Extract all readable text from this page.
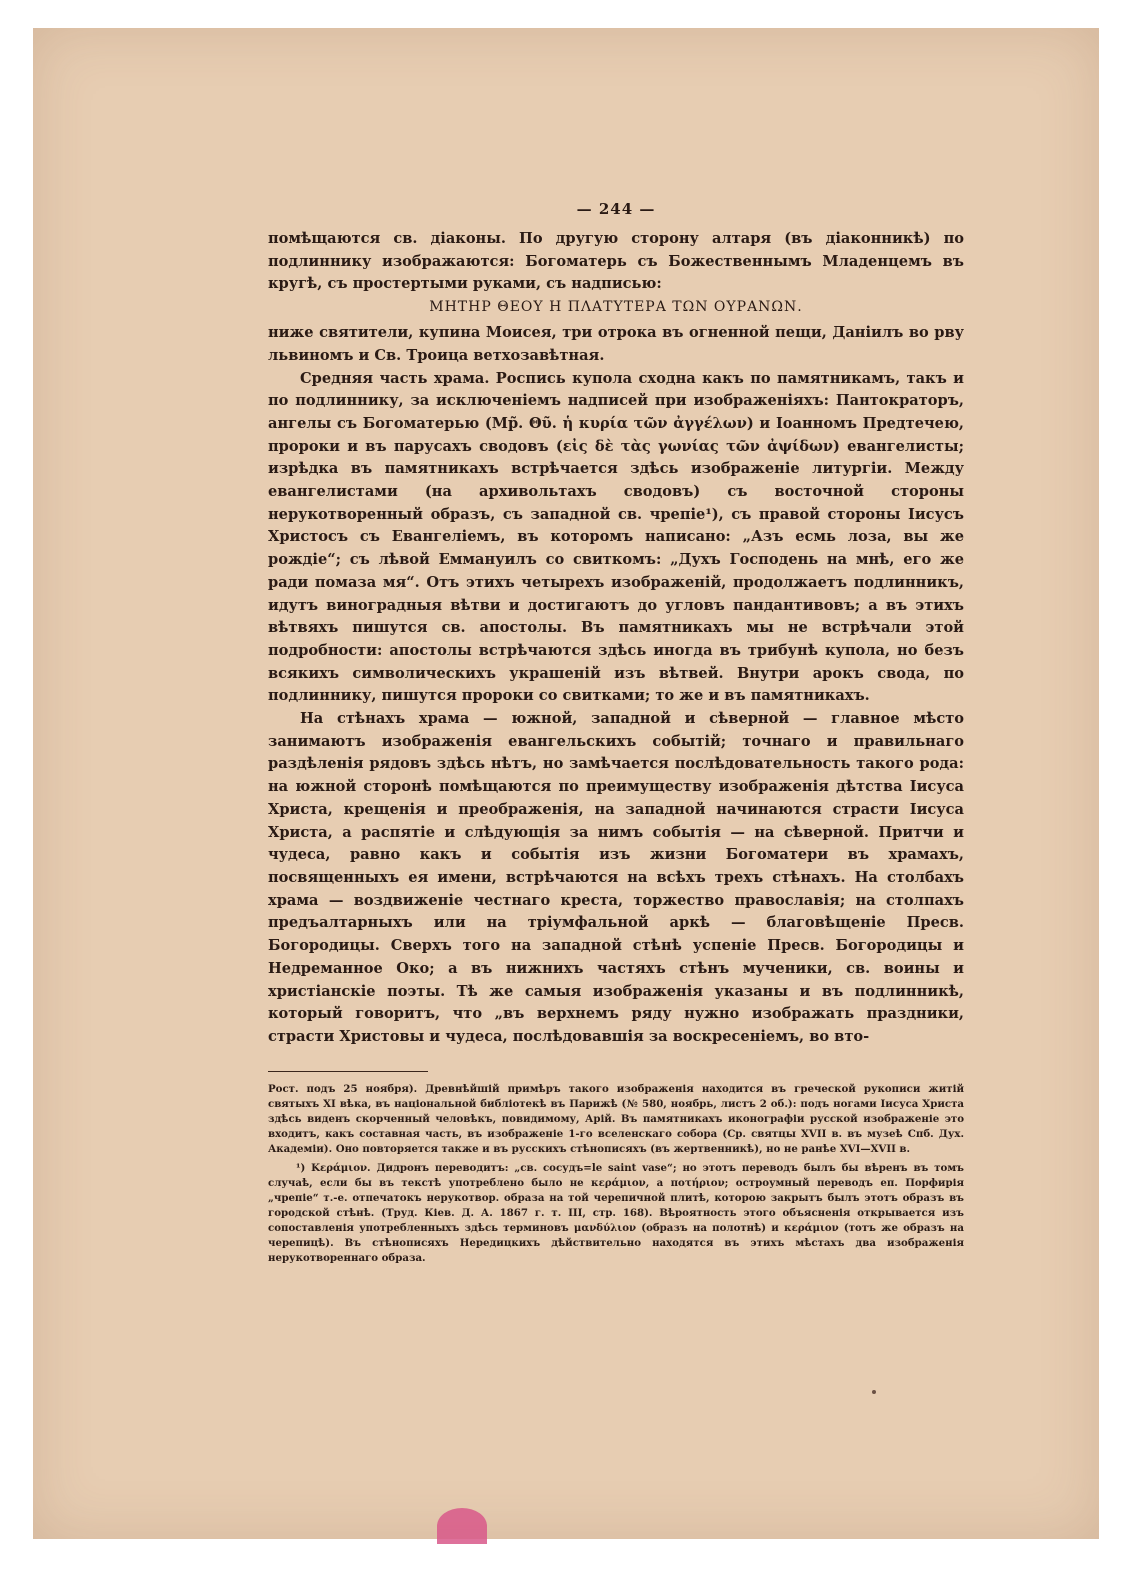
— 244 —

помѣщаются св. діаконы. По другую сторону алтаря (въ діаконникѣ) по подлиннику изображаются: Богоматерь съ Божественнымъ Младенцемъ въ кругѣ, съ простертыми руками, съ надписью:

ΜΗΤΗΡ ΘΕΟΥ Η ΠΛΑΤΥΤΕΡΑ ΤΩΝ ΟΥΡΑΝΩΝ.

ниже святители, купина Моисея, три отрока въ огненной пещи, Даніилъ во рву львиномъ и Св. Троица ветхозавѣтная.

Средняя часть храма. Роспись купола сходна какъ по памятникамъ, такъ и по подлиннику, за исключеніемъ надписей при изображеніяхъ: Пантократоръ, ангелы съ Богоматерью (Мр̃. Θῦ. ἡ κυρία τῶν ἀγγέλων) и Іоанномъ Предтечею, пророки и въ парусахъ сводовъ (εἰς δὲ τὰς γωνίας τῶν ἀψίδων) евангелисты; изрѣдка въ памятникахъ встрѣчается здѣсь изображеніе литургіи. Между евангелистами (на архивольтахъ сводовъ) съ восточной стороны нерукотворенный образъ, съ западной св. чрепіе¹), съ правой стороны Іисусъ Христосъ съ Евангеліемъ, въ которомъ написано: „Азъ есмь лоза, вы же рождіе“; съ лѣвой Еммануилъ со свиткомъ: „Духъ Господень на мнѣ, его же ради помаза мя“. Отъ этихъ четырехъ изображеній, продолжаетъ подлинникъ, идутъ виноградныя вѣтви и достигаютъ до угловъ пандантивовъ; а въ этихъ вѣтвяхъ пишутся св. апостолы. Въ памятникахъ мы не встрѣчали этой подробности: апостолы встрѣчаются здѣсь иногда въ трибунѣ купола, но безъ всякихъ символическихъ украшеній изъ вѣтвей. Внутри арокъ свода, по подлиннику, пишутся пророки со свитками; то же и въ памятникахъ.

На стѣнахъ храма — южной, западной и сѣверной — главное мѣсто занимаютъ изображенія евангельскихъ событій; точнаго и правильнаго раздѣленія рядовъ здѣсь нѣтъ, но замѣчается послѣдовательность такого рода: на южной сторонѣ помѣщаются по преимуществу изображенія дѣтства Іисуса Христа, крещенія и преображенія, на западной начинаются страсти Іисуса Христа, а распятіе и слѣдующія за нимъ событія — на сѣверной. Притчи и чудеса, равно какъ и событія изъ жизни Богоматери въ храмахъ, посвященныхъ ея имени, встрѣчаются на всѣхъ трехъ стѣнахъ. На столбахъ храма — воздвиженіе честнаго креста, торжество православія; на столпахъ предъалтарныхъ или на тріумфальной аркѣ — благовѣщеніе Пресв. Богородицы. Сверхъ того на западной стѣнѣ успеніе Пресв. Богородицы и Недреманное Око; а въ нижнихъ частяхъ стѣнъ мученики, св. воины и христіанскіе поэты. Тѣ же самыя изображенія указаны и въ подлинникѣ, который говоритъ, что „въ верхнемъ ряду нужно изображать праздники, страсти Христовы и чудеса, послѣдовавшія за воскресеніемъ, во вто-

Рост. подъ 25 ноября). Древнѣйшій примѣръ такого изображенія находится въ греческой рукописи житій святыхъ XI вѣка, въ національной библіотекѣ въ Парижѣ (№ 580, ноябрь, листъ 2 об.): подъ ногами Іисуса Христа здѣсь виденъ скорченный человѣкъ, повидимому, Арій. Въ памятникахъ иконографіи русской изображеніе это входитъ, какъ составная часть, въ изображеніе 1-го вселенскаго собора (Ср. святцы XVII в. въ музеѣ Спб. Дух. Академіи). Оно повторяется также и въ русскихъ стѣнописяхъ (въ жертвенникѣ), но не ранѣе XVI—XVII в.

¹) Κεράμιον. Дидронъ переводитъ: „св. сосудъ=le saint vase“; но этотъ переводъ былъ бы вѣренъ въ томъ случаѣ, если бы въ текстѣ употреблено было не κεράμιον, а ποτήριον; остроумный переводъ еп. Порфирія „чрепіе“ т.-е. отпечатокъ нерукотвор. образа на той черепичной плитѣ, которою закрытъ былъ этотъ образъ въ городской стѣнѣ. (Труд. Кіев. Д. А. 1867 г. т. III, стр. 168). Вѣроятность этого объясненія открывается изъ сопоставленія употребленныхъ здѣсь терминовъ μανδύλιον (образъ на полотнѣ) и κεράμιον (тотъ же образъ на черепицѣ). Въ стѣнописяхъ Нередицкихъ дѣйствительно находятся въ этихъ мѣстахъ два изображенія нерукотвореннаго образа.
